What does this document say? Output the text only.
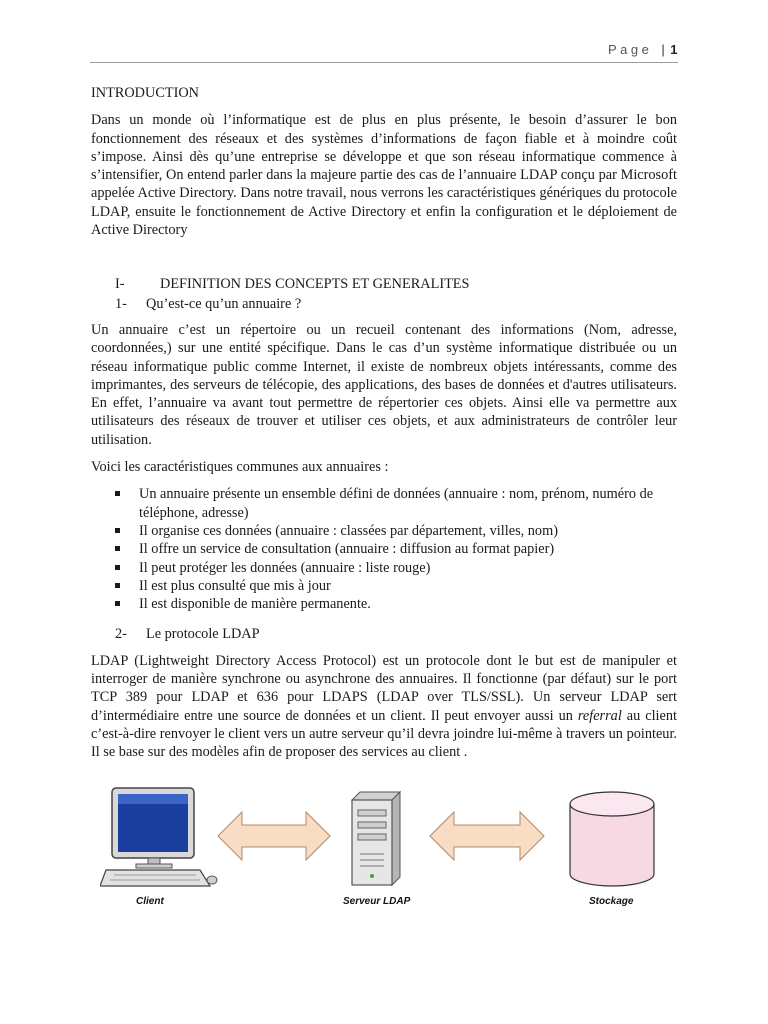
Page | 1
INTRODUCTION

Dans un monde où l’informatique est de plus en plus présente, le besoin d’assurer le bon fonctionnement des réseaux et des systèmes d’informations de façon fiable et à moindre coût s’impose. Ainsi dès qu’une entreprise se développe et que son réseau informatique commence à s’intensifier, On entend parler dans la majeure partie des cas de l’annuaire LDAP conçu par Microsoft appelée Active Directory. Dans notre travail, nous verrons les caractéristiques génériques du protocole LDAP, ensuite le fonctionnement de Active Directory et enfin la configuration et le déploiement de Active Directory

I-	DEFINITION DES CONCEPTS ET GENERALITES
1-	Qu’est-ce qu’un annuaire ?

Un annuaire c’est un répertoire ou un recueil contenant des informations (Nom, adresse, coordonnées,) sur une entité spécifique. Dans le cas d’un système informatique distribuée ou un réseau informatique public comme Internet, il existe de nombreux objets intéressants, comme des imprimantes, des serveurs de télécopie, des applications, des bases de données et d'autres utilisateurs. En effet, l’annuaire va avant tout permettre de répertorier ces objets. Ainsi elle va permettre aux utilisateurs des réseaux de trouver et utiliser ces objets, et aux administrateurs de contrôler leur utilisation.

Voici les caractéristiques communes aux annuaires :

Un annuaire présente un ensemble défini de données (annuaire : nom, prénom, numéro de téléphone, adresse)
Il organise ces données (annuaire : classées par département, villes, nom)
Il offre un service de consultation (annuaire : diffusion au format papier)
Il peut protéger les données (annuaire : liste rouge)
Il est plus consulté que mis à jour
Il est disponible de manière permanente.
2-	Le protocole LDAP

LDAP (Lightweight Directory Access Protocol) est un protocole dont le but est de manipuler et interroger de manière synchrone ou asynchrone des annuaires. Il fonctionne (par défaut) sur le port TCP 389 pour LDAP et 636 pour LDAPS (LDAP over TLS/SSL). Un serveur LDAP sert d’intermédiaire entre une source de données et un client. Il peut envoyer aussi un referral au client c’est-à-dire renvoyer le client vers un autre serveur qu’il devra joindre lui-même à travers un pointeur. Il se base sur des modèles afin de proposer des services au client .

Client	Serveur LDAP	Stockage
